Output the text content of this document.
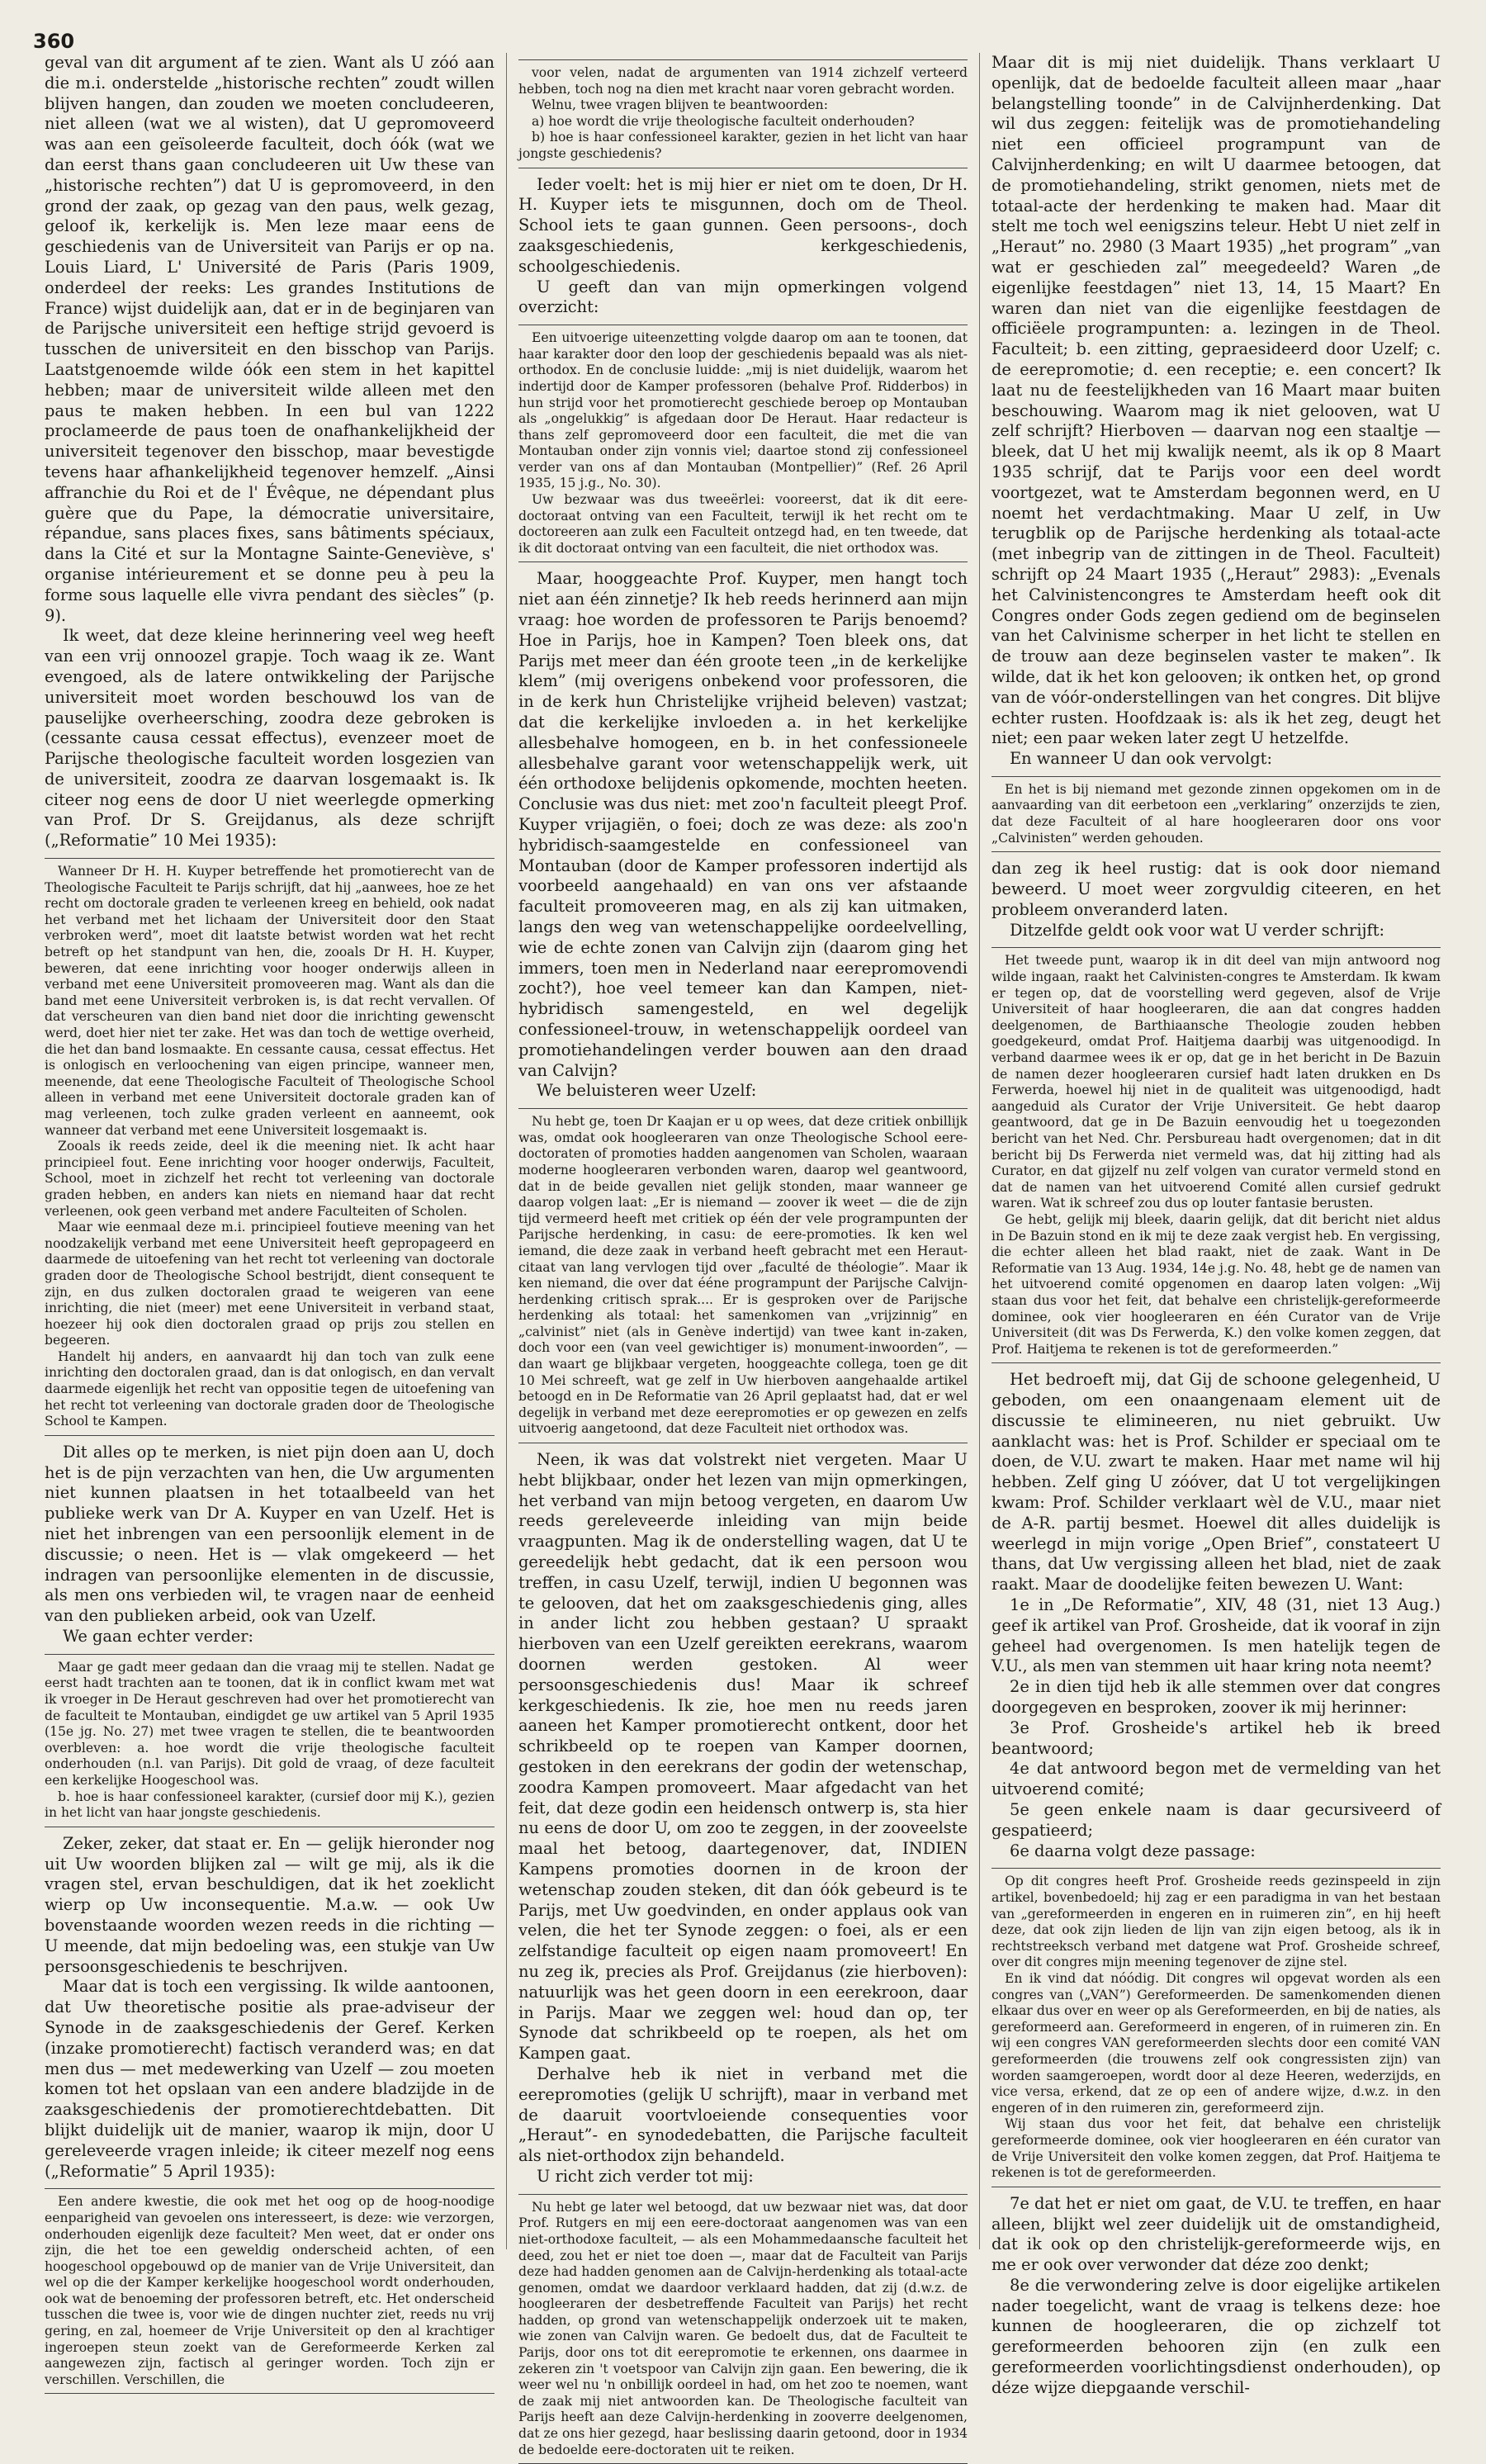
360

geval van dit argument af te zien. Want als U zóó aan die m.i. onderstelde „historische rechten” zoudt willen blijven hangen, dan zouden we moeten concludeeren, niet alleen (wat we al wisten), dat U gepromoveerd was aan een geïsoleerde faculteit, doch óók (wat we dan eerst thans gaan concludeeren uit Uw these van „historische rechten”) dat U is gepromoveerd, in den grond der zaak, op gezag van den paus, welk gezag, geloof ik, kerkelijk is. Men leze maar eens de geschiedenis van de Universiteit van Parijs er op na. Louis Liard, L' Université de Paris (Paris 1909, onderdeel der reeks: Les grandes Institutions de France) wijst duidelijk aan, dat er in de beginjaren van de Parijsche universiteit een heftige strijd gevoerd is tusschen de universiteit en den bisschop van Parijs. Laatstgenoemde wilde óók een stem in het kapittel hebben; maar de universiteit wilde alleen met den paus te maken hebben. In een bul van 1222 proclameerde de paus toen de onafhankelijkheid der universiteit tegenover den bisschop, maar bevestigde tevens haar afhankelijkheid tegenover hemzelf. „Ainsi affranchie du Roi et de l' Évêque, ne dépendant plus guère que du Pape, la démocratie universitaire, répandue, sans places fixes, sans bâtiments spéciaux, dans la Cité et sur la Montagne Sainte-Geneviève, s' organise intérieurement et se donne peu à peu la forme sous laquelle elle vivra pendant des siècles” (p. 9).

Ik weet, dat deze kleine herinnering veel weg heeft van een vrij onnoozel grapje. Toch waag ik ze. Want evengoed, als de latere ontwikkeling der Parijsche universiteit moet worden beschouwd los van de pauselijke overheersching, zoodra deze gebroken is (cessante causa cessat effectus), evenzeer moet de Parijsche theologische faculteit worden losgezien van de universiteit, zoodra ze daarvan losgemaakt is. Ik citeer nog eens de door U niet weerlegde opmerking van Prof. Dr S. Greijdanus, als deze schrijft („Reformatie” 10 Mei 1935):

Wanneer Dr H. H. Kuyper betreffende het promotierecht van de Theologische Faculteit te Parijs schrijft, dat hij „aanwees, hoe ze het recht om doctorale graden te verleenen kreeg en behield, ook nadat het verband met het lichaam der Universiteit door den Staat verbroken werd”, moet dit laatste betwist worden wat het recht betreft op het standpunt van hen, die, zooals Dr H. H. Kuyper, beweren, dat eene inrichting voor hooger onderwijs alleen in verband met eene Universiteit promoveeren mag. Want als dan die band met eene Universiteit verbroken is, is dat recht vervallen. Of dat verscheuren van dien band niet door die inrichting gewenscht werd, doet hier niet ter zake. Het was dan toch de wettige overheid, die het dan band losmaakte. En cessante causa, cessat effectus. Het is onlogisch en verloochening van eigen principe, wanneer men, meenende, dat eene Theologische Faculteit of Theologische School alleen in verband met eene Universiteit doctorale graden kan of mag verleenen, toch zulke graden verleent en aanneemt, ook wanneer dat verband met eene Universiteit losgemaakt is.

Zooals ik reeds zeide, deel ik die meening niet. Ik acht haar principieel fout. Eene inrichting voor hooger onderwijs, Faculteit, School, moet in zichzelf het recht tot verleening van doctorale graden hebben, en anders kan niets en niemand haar dat recht verleenen, ook geen verband met andere Faculteiten of Scholen.

Maar wie eenmaal deze m.i. principieel foutieve meening van het noodzakelijk verband met eene Universiteit heeft gepropageerd en daarmede de uitoefening van het recht tot verleening van doctorale graden door de Theologische School bestrijdt, dient consequent te zijn, en dus zulken doctoralen graad te weigeren van eene inrichting, die niet (meer) met eene Universiteit in verband staat, hoezeer hij ook dien doctoralen graad op prijs zou stellen en begeeren.

Handelt hij anders, en aanvaardt hij dan toch van zulk eene inrichting den doctoralen graad, dan is dat onlogisch, en dan vervalt daarmede eigenlijk het recht van oppositie tegen de uitoefening van het recht tot verleening van doctorale graden door de Theologische School te Kampen.

Dit alles op te merken, is niet pijn doen aan U, doch het is de pijn verzachten van hen, die Uw argumenten niet kunnen plaatsen in het totaalbeeld van het publieke werk van Dr A. Kuyper en van Uzelf. Het is niet het inbrengen van een persoonlijk element in de discussie; o neen. Het is — vlak omgekeerd — het indragen van persoonlijke elementen in de discussie, als men ons verbieden wil, te vragen naar de eenheid van den publieken arbeid, ook van Uzelf.

We gaan echter verder:

Maar ge gadt meer gedaan dan die vraag mij te stellen. Nadat ge eerst hadt trachten aan te toonen, dat ik in conflict kwam met wat ik vroeger in De Heraut geschreven had over het promotierecht van de faculteit te Montauban, eindigdet ge uw artikel van 5 April 1935 (15e jg. No. 27) met twee vragen te stellen, die te beantwoorden overbleven: a. hoe wordt die vrije theologische faculteit onderhouden (n.l. van Parijs). Dit gold de vraag, of deze faculteit een kerkelijke Hoogeschool was.

b. hoe is haar confessioneel karakter, (cursief door mij K.), gezien in het licht van haar jongste geschiedenis.

Zeker, zeker, dat staat er. En — gelijk hieronder nog uit Uw woorden blijken zal — wilt ge mij, als ik die vragen stel, ervan beschuldigen, dat ik het zoeklicht wierp op Uw inconsequentie. M.a.w. — ook Uw bovenstaande woorden wezen reeds in die richting — U meende, dat mijn bedoeling was, een stukje van Uw persoonsgeschiedenis te beschrijven.

Maar dat is toch een vergissing. Ik wilde aantoonen, dat Uw theoretische positie als prae-adviseur der Synode in de zaaksgeschiedenis der Geref. Kerken (inzake promotierecht) factisch veranderd was; en dat men dus — met medewerking van Uzelf — zou moeten komen tot het opslaan van een andere bladzijde in de zaaksgeschiedenis der promotierechtdebatten. Dit blijkt duidelijk uit de manier, waarop ik mijn, door U gereleveerde vragen inleide; ik citeer mezelf nog eens („Reformatie” 5 April 1935):

Een andere kwestie, die ook met het oog op de hoog-noodige eenparigheid van gevoelen ons interesseert, is deze: wie verzorgen, onderhouden eigenlijk deze faculteit? Men weet, dat er onder ons zijn, die het toe een geweldig onderscheid achten, of een hoogeschool opgebouwd op de manier van de Vrije Universiteit, dan wel op die der Kamper kerkelijke hoogeschool wordt onderhouden, ook wat de benoeming der professoren betreft, etc. Het onderscheid tusschen die twee is, voor wie de dingen nuchter ziet, reeds nu vrij gering, en zal, hoemeer de Vrije Universiteit op den al krachtiger ingeroepen steun zoekt van de Gereformeerde Kerken zal aangewezen zijn, factisch al geringer worden. Toch zijn er verschillen. Verschillen, die

voor velen, nadat de argumenten van 1914 zichzelf verteerd hebben, toch nog na dien met kracht naar voren gebracht worden.

Welnu, twee vragen blijven te beantwoorden:

a) hoe wordt die vrije theologische faculteit onderhouden?

b) hoe is haar confessioneel karakter, gezien in het licht van haar jongste geschiedenis?

Ieder voelt: het is mij hier er niet om te doen, Dr H. H. Kuyper iets te misgunnen, doch om de Theol. School iets te gaan gunnen. Geen persoons-, doch zaaksgeschiedenis, kerkgeschiedenis, schoolgeschiedenis.

U geeft dan van mijn opmerkingen volgend overzicht:

Een uitvoerige uiteenzetting volgde daarop om aan te toonen, dat haar karakter door den loop der geschiedenis bepaald was als niet-orthodox. En de conclusie luidde: „mij is niet duidelijk, waarom het indertijd door de Kamper professoren (behalve Prof. Ridderbos) in hun strijd voor het promotierecht geschiede beroep op Montauban als „ongelukkig” is afgedaan door De Heraut. Haar redacteur is thans zelf gepromoveerd door een faculteit, die met die van Montauban onder zijn vonnis viel; daartoe stond zij confessioneel verder van ons af dan Montauban (Montpellier)” (Ref. 26 April 1935, 15 j.g., No. 30).

Uw bezwaar was dus tweeërlei: vooreerst, dat ik dit eere-doctoraat ontving van een Faculteit, terwijl ik het recht om te doctoreeren aan zulk een Faculteit ontzegd had, en ten tweede, dat ik dit doctoraat ontving van een faculteit, die niet orthodox was.

Maar, hooggeachte Prof. Kuyper, men hangt toch niet aan één zinnetje? Ik heb reeds herinnerd aan mijn vraag: hoe worden de professoren te Parijs benoemd? Hoe in Parijs, hoe in Kampen? Toen bleek ons, dat Parijs met meer dan één groote teen „in de kerkelijke klem” (mij overigens onbekend voor professoren, die in de kerk hun Christelijke vrijheid beleven) vastzat; dat die kerkelijke invloeden a. in het kerkelijke allesbehalve homogeen, en b. in het confessioneele allesbehalve garant voor wetenschappelijk werk, uit één orthodoxe belijdenis opkomende, mochten heeten. Conclusie was dus niet: met zoo'n faculteit pleegt Prof. Kuyper vrijagiën, o foei; doch ze was deze: als zoo'n hybridisch-saamgestelde en confessioneel van Montauban (door de Kamper professoren indertijd als voorbeeld aangehaald) en van ons ver afstaande faculteit promoveeren mag, en als zij kan uitmaken, langs den weg van wetenschappelijke oordeelvelling, wie de echte zonen van Calvijn zijn (daarom ging het immers, toen men in Nederland naar eerepromovendi zocht?), hoe veel temeer kan dan Kampen, niet-hybridisch samengesteld, en wel degelijk confessioneel-trouw, in wetenschappelijk oordeel van promotiehandelingen verder bouwen aan den draad van Calvijn?

We beluisteren weer Uzelf:

Nu hebt ge, toen Dr Kaajan er u op wees, dat deze critiek onbillijk was, omdat ook hoogleeraren van onze Theologische School eere-doctoraten of promoties hadden aangenomen van Scholen, waaraan moderne hoogleeraren verbonden waren, daarop wel geantwoord, dat in de beide gevallen niet gelijk stonden, maar wanneer ge daarop volgen laat: „Er is niemand — zoover ik weet — die de zijn tijd vermeerd heeft met critiek op één der vele programpunten der Parijsche herdenking, in casu: de eere-promoties. Ik ken wel iemand, die deze zaak in verband heeft gebracht met een Heraut-citaat van lang vervlogen tijd over „faculté de théologie”. Maar ik ken niemand, die over dat ééne programpunt der Parijsche Calvijn-herdenking critisch sprak.... Er is gesproken over de Parijsche herdenking als totaal: het samenkomen van „vrijzinnig” en „calvinist” niet (als in Genève indertijd) van twee kant in-zaken, doch voor een (van veel gewichtiger is) monument-inwoorden”, — dan waart ge blijkbaar vergeten, hooggeachte collega, toen ge dit 10 Mei schreeft, wat ge zelf in Uw hierboven aangehaalde artikel betoogd en in De Reformatie van 26 April geplaatst had, dat er wel degelijk in verband met deze eerepromoties er op gewezen en zelfs uitvoerig aangetoond, dat deze Faculteit niet orthodox was.

Neen, ik was dat volstrekt niet vergeten. Maar U hebt blijkbaar, onder het lezen van mijn opmerkingen, het verband van mijn betoog vergeten, en daarom Uw reeds gereleveerde inleiding van mijn beide vraagpunten. Mag ik de onderstelling wagen, dat U te gereedelijk hebt gedacht, dat ik een persoon wou treffen, in casu Uzelf, terwijl, indien U begonnen was te gelooven, dat het om zaaksgeschiedenis ging, alles in ander licht zou hebben gestaan? U spraakt hierboven van een Uzelf gereikten eerekrans, waarom doornen werden gestoken. Al weer persoonsgeschiedenis dus! Maar ik schreef kerkgeschiedenis. Ik zie, hoe men nu reeds jaren aaneen het Kamper promotierecht ontkent, door het schrikbeeld op te roepen van Kamper doornen, gestoken in den eerekrans der godin der wetenschap, zoodra Kampen promoveert. Maar afgedacht van het feit, dat deze godin een heidensch ontwerp is, sta hier nu eens de door U, om zoo te zeggen, in der zooveelste maal het betoog, daartegenover, dat, INDIEN Kampens promoties doornen in de kroon der wetenschap zouden steken, dit dan óók gebeurd is te Parijs, met Uw goedvinden, en onder applaus ook van velen, die het ter Synode zeggen: o foei, als er een zelfstandige faculteit op eigen naam promoveert! En nu zeg ik, precies als Prof. Greijdanus (zie hierboven): natuurlijk was het geen doorn in een eerekroon, daar in Parijs. Maar we zeggen wel: houd dan op, ter Synode dat schrikbeeld op te roepen, als het om Kampen gaat.

Derhalve heb ik niet in verband met die eerepromoties (gelijk U schrijft), maar in verband met de daaruit voortvloeiende consequenties voor „Heraut”- en synodedebatten, die Parijsche faculteit als niet-orthodox zijn behandeld.

U richt zich verder tot mij:

Nu hebt ge later wel betoogd, dat uw bezwaar niet was, dat door Prof. Rutgers en mij een eere-doctoraat aangenomen was van een niet-orthodoxe faculteit, — als een Mohammedaansche faculteit het deed, zou het er niet toe doen —, maar dat de Faculteit van Parijs deze had hadden genomen aan de Calvijn-herdenking als totaal-acte genomen, omdat we daardoor verklaard hadden, dat zij (d.w.z. de hoogleeraren der desbetreffende Faculteit van Parijs) het recht hadden, op grond van wetenschappelijk onderzoek uit te maken, wie zonen van Calvijn waren. Ge bedoelt dus, dat de Faculteit te Parijs, door ons tot dit eerepromotie te erkennen, ons daarmee in zekeren zin 't voetspoor van Calvijn zijn gaan. Een bewering, die ik weer wel nu 'n onbillijk oordeel in had, om het zoo te noemen, want de zaak mij niet antwoorden kan. De Theologische faculteit van Parijs heeft aan deze Calvijn-herdenking in zooverre deelgenomen, dat ze ons hier gezegd, haar beslissing daarin getoond, door in 1934 de bedoelde eere-doctoraten uit te reiken.

Maar dit is mij niet duidelijk. Thans verklaart U openlijk, dat de bedoelde faculteit alleen maar „haar belangstelling toonde” in de Calvijnherdenking. Dat wil dus zeggen: feitelijk was de promotiehandeling niet een officieel programpunt van de Calvijnherdenking; en wilt U daarmee betoogen, dat de promotiehandeling, strikt genomen, niets met de totaal-acte der herdenking te maken had. Maar dit stelt me toch wel eenigszins teleur. Hebt U niet zelf in „Heraut” no. 2980 (3 Maart 1935) „het program” „van wat er geschieden zal” meegedeeld? Waren „de eigenlijke feestdagen” niet 13, 14, 15 Maart? En waren dan niet van die eigenlijke feestdagen de officiëele programpunten: a. lezingen in de Theol. Faculteit; b. een zitting, gepraesideerd door Uzelf; c. de eerepromotie; d. een receptie; e. een concert? Ik laat nu de feestelijkheden van 16 Maart maar buiten beschouwing. Waarom mag ik niet gelooven, wat U zelf schrijft? Hierboven — daarvan nog een staaltje — bleek, dat U het mij kwalijk neemt, als ik op 8 Maart 1935 schrijf, dat te Parijs voor een deel wordt voortgezet, wat te Amsterdam begonnen werd, en U noemt het verdachtmaking. Maar U zelf, in Uw terugblik op de Parijsche herdenking als totaal-acte (met inbegrip van de zittingen in de Theol. Faculteit) schrijft op 24 Maart 1935 („Heraut” 2983): „Evenals het Calvinistencongres te Amsterdam heeft ook dit Congres onder Gods zegen gediend om de beginselen van het Calvinisme scherper in het licht te stellen en de trouw aan deze beginselen vaster te maken”. Ik wilde, dat ik het kon gelooven; ik ontken het, op grond van de vóór-onderstellingen van het congres. Dit blijve echter rusten. Hoofdzaak is: als ik het zeg, deugt het niet; een paar weken later zegt U hetzelfde.

En wanneer U dan ook vervolgt:

En het is bij niemand met gezonde zinnen opgekomen om in de aanvaarding van dit eerbetoon een „verklaring” onzerzijds te zien, dat deze Faculteit of al hare hoogleeraren door ons voor „Calvinisten” werden gehouden.

dan zeg ik heel rustig: dat is ook door niemand beweerd. U moet weer zorgvuldig citeeren, en het probleem onveranderd laten.

Ditzelfde geldt ook voor wat U verder schrijft:

Het tweede punt, waarop ik in dit deel van mijn antwoord nog wilde ingaan, raakt het Calvinisten-congres te Amsterdam. Ik kwam er tegen op, dat de voorstelling werd gegeven, alsof de Vrije Universiteit of haar hoogleeraren, die aan dat congres hadden deelgenomen, de Barthiaansche Theologie zouden hebben goedgekeurd, omdat Prof. Haitjema daarbij was uitgenoodigd. In verband daarmee wees ik er op, dat ge in het bericht in De Bazuin de namen dezer hoogleeraren cursief hadt laten drukken en Ds Ferwerda, hoewel hij niet in de qualiteit was uitgenoodigd, hadt aangeduid als Curator der Vrije Universiteit. Ge hebt daarop geantwoord, dat ge in De Bazuin eenvoudig het u toegezonden bericht van het Ned. Chr. Persbureau hadt overgenomen; dat in dit bericht bij Ds Ferwerda niet vermeld was, dat hij zitting had als Curator, en dat gijzelf nu zelf volgen van curator vermeld stond en dat de namen van het uitvoerend Comité allen cursief gedrukt waren. Wat ik schreef zou dus op louter fantasie berusten.

Ge hebt, gelijk mij bleek, daarin gelijk, dat dit bericht niet aldus in De Bazuin stond en ik mij te deze zaak vergist heb. En vergissing, die echter alleen het blad raakt, niet de zaak. Want in De Reformatie van 13 Aug. 1934, 14e j.g. No. 48, hebt ge de namen van het uitvoerend comité opgenomen en daarop laten volgen: „Wij staan dus voor het feit, dat behalve een christelijk-gereformeerde dominee, ook vier hoogleeraren en één Curator van de Vrije Universiteit (dit was Ds Ferwerda, K.) den volke komen zeggen, dat Prof. Haitjema te rekenen is tot de gereformeerden.”

Het bedroeft mij, dat Gij de schoone gelegenheid, U geboden, om een onaangenaam element uit de discussie te elimineeren, nu niet gebruikt. Uw aanklacht was: het is Prof. Schilder er speciaal om te doen, de V.U. zwart te maken. Haar met name wil hij hebben. Zelf ging U zóóver, dat U tot vergelijkingen kwam: Prof. Schilder verklaart wèl de V.U., maar niet de A-R. partij besmet. Hoewel dit alles duidelijk is weerlegd in mijn vorige „Open Brief”, constateert U thans, dat Uw vergissing alleen het blad, niet de zaak raakt. Maar de doodelijke feiten bewezen U. Want:

1e in „De Reformatie”, XIV, 48 (31, niet 13 Aug.) geef ik artikel van Prof. Grosheide, dat ik vooraf in zijn geheel had overgenomen. Is men hatelijk tegen de V.U., als men van stemmen uit haar kring nota neemt?

2e in dien tijd heb ik alle stemmen over dat congres doorgegeven en besproken, zoover ik mij herinner:

3e Prof. Grosheide's artikel heb ik breed beantwoord;

4e dat antwoord begon met de vermelding van het uitvoerend comité;

5e geen enkele naam is daar gecursiveerd of gespatieerd;

6e daarna volgt deze passage:

Op dit congres heeft Prof. Grosheide reeds gezinspeeld in zijn artikel, bovenbedoeld; hij zag er een paradigma in van het bestaan van „gereformeerden in engeren en in ruimeren zin”, en hij heeft deze, dat ook zijn lieden de lijn van zijn eigen betoog, als ik in rechtstreeksch verband met datgene wat Prof. Grosheide schreef, over dit congres mijn meening tegenover de zijne stel.

En ik vind dat nóódig. Dit congres wil opgevat worden als een congres van („VAN”) Gereformeerden. De samenkomenden dienen elkaar dus over en weer op als Gereformeerden, en bij de naties, als gereformeerd aan. Gereformeerd in engeren, of in ruimeren zin. En wij een congres VAN gereformeerden slechts door een comité VAN gereformeerden (die trouwens zelf ook congressisten zijn) van worden saamgeroepen, wordt door al deze Heeren, wederzijds, en vice versa, erkend, dat ze op een of andere wijze, d.w.z. in den engeren of in den ruimeren zin, gereformeerd zijn.

Wij staan dus voor het feit, dat behalve een christelijk gereformeerde dominee, ook vier hoogleeraren en één curator van de Vrije Universiteit den volke komen zeggen, dat Prof. Haitjema te rekenen is tot de gereformeerden.

7e dat het er niet om gaat, de V.U. te treffen, en haar alleen, blijkt wel zeer duidelijk uit de omstandigheid, dat ik ook op den christelijk-gereformeerde wijs, en me er ook over verwonder dat déze zoo denkt;

8e die verwondering zelve is door eigelijke artikelen nader toegelicht, want de vraag is telkens deze: hoe kunnen de hoogleeraren, die op zichzelf tot gereformeerden behooren zijn (en zulk een gereformeerden voorlichtingsdienst onderhouden), op déze wijze diepgaande verschil-
